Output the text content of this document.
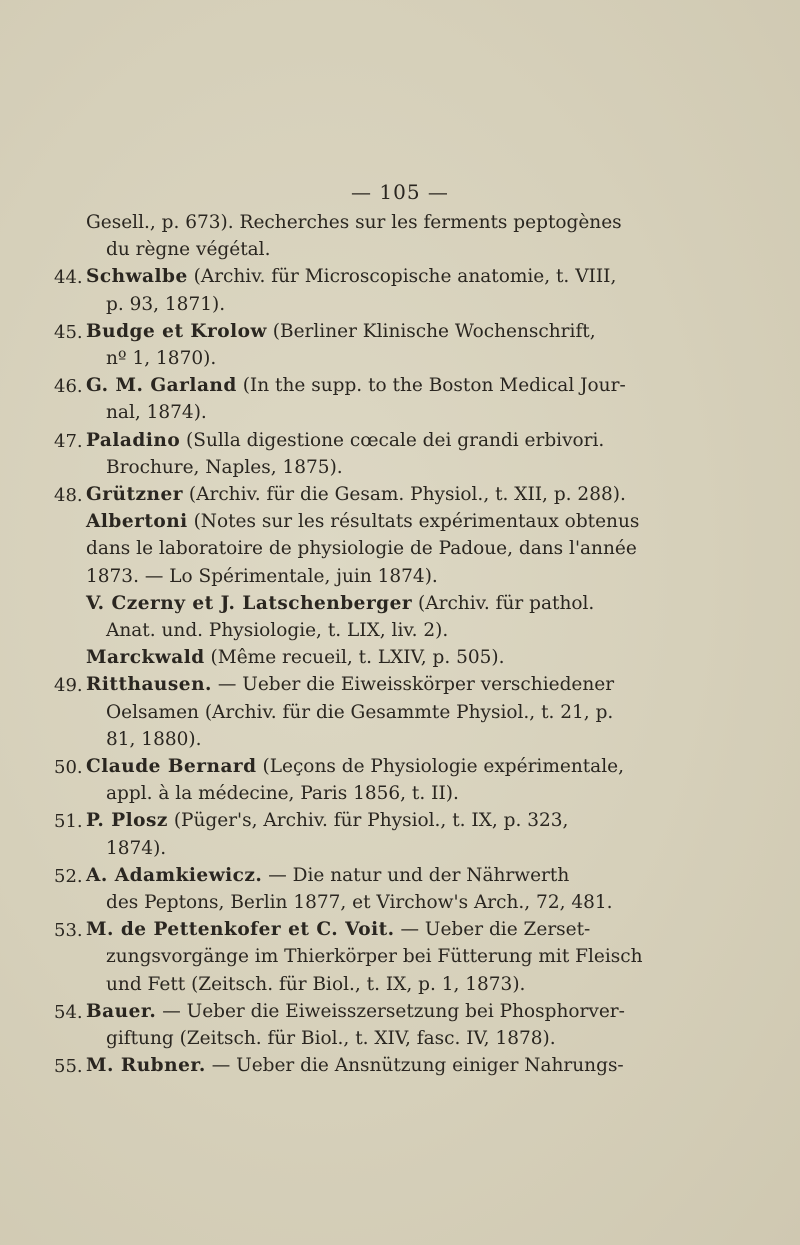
— 105 —
Gesell., p. 673). Recherches sur les ferments peptogènes
du règne végétal.
44. Schwalbe (Archiv. für Microscopische anatomie, t. VIII,
p. 93, 1871).
45. Budge et Krolow (Berliner Klinische Wochenschrift,
nº 1, 1870).
46. G. M. Garland (In the supp. to the Boston Medical Jour-
nal, 1874).
47. Paladino (Sulla digestione cœcale dei grandi erbivori.
Brochure, Naples, 1875).
48. Grützner (Archiv. für die Gesam. Physiol., t. XII, p. 288).
Albertoni (Notes sur les résultats expérimentaux obtenus
dans le laboratoire de physiologie de Padoue, dans l'année
1873. — Lo Spérimentale, juin 1874).
V. Czerny et J. Latschenberger (Archiv. für pathol.
Anat. und. Physiologie, t. LIX, liv. 2).
Marckwald (Même recueil, t. LXIV, p. 505).
49. Ritthausen. — Ueber die Eiweisskörper verschiedener
Oelsamen (Archiv. für die Gesammte Physiol., t. 21, p.
81, 1880).
50. Claude Bernard (Leçons de Physiologie expérimentale,
appl. à la médecine, Paris 1856, t. II).
51. P. Plosz (Püger's, Archiv. für Physiol., t. IX, p. 323,
1874).
52. A. Adamkiewicz. — Die natur und der Nährwerth
des Peptons, Berlin 1877, et Virchow's Arch., 72, 481.
53. M. de Pettenkofer et C. Voit. — Ueber die Zerset-
zungsvorgänge im Thierkörper bei Fütterung mit Fleisch
und Fett (Zeitsch. für Biol., t. IX, p. 1, 1873).
54. Bauer. — Ueber die Eiweisszersetzung bei Phosphorver-
giftung (Zeitsch. für Biol., t. XIV, fasc. IV, 1878).
55. M. Rubner. — Ueber die Ansnützung einiger Nahrungs-
